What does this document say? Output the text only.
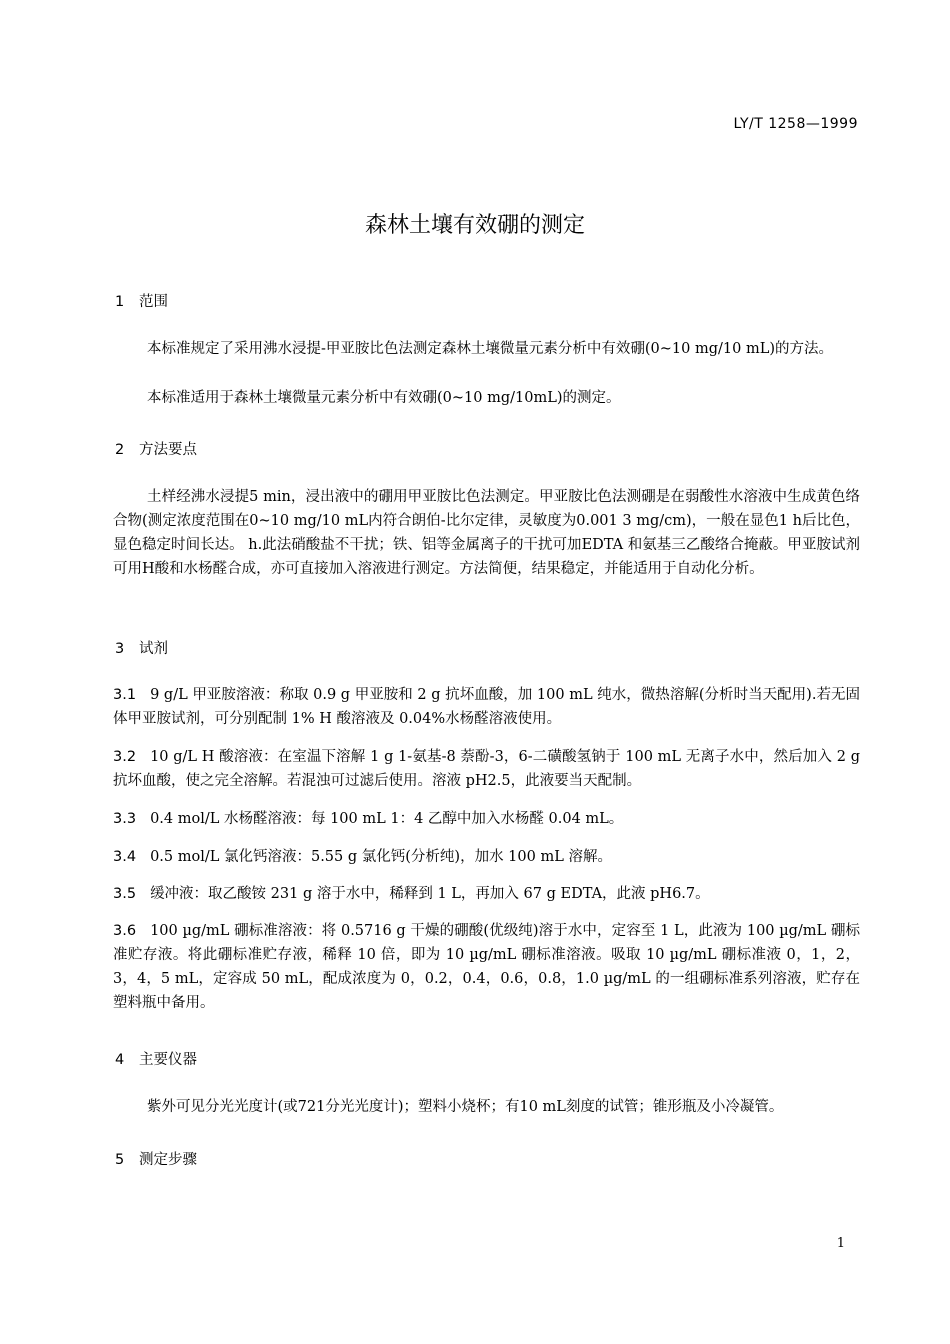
LY/T 1258—1999
森林土壤有效硼的测定
1 范围
本标准规定了采用沸水浸提-甲亚胺比色法测定森林土壤微量元素分析中有效硼(0~10 mg/10 mL)的方法。
本标准适用于森林土壤微量元素分析中有效硼(0~10 mg/10mL)的测定。
2 方法要点
土样经沸水浸提5 min，浸出液中的硼用甲亚胺比色法测定。甲亚胺比色法测硼是在弱酸性水溶液中生成黄色络合物(测定浓度范围在0~10 mg/10 mL内符合朗伯-比尔定律，灵敏度为0.001 3 mg/cm)，一般在显色1 h后比色，显色稳定时间长达。 h.此法硝酸盐不干扰；铁、铝等金属离子的干扰可加EDTA 和氨基三乙酸络合掩蔽。甲亚胺试剂可用H酸和水杨醛合成，亦可直接加入溶液进行测定。方法简便，结果稳定，并能适用于自动化分析。
3 试剂
3.1 9 g/L 甲亚胺溶液：称取 0.9 g 甲亚胺和 2 g 抗坏血酸，加 100 mL 纯水，微热溶解(分析时当天配用).若无固体甲亚胺试剂，可分别配制 1% H 酸溶液及 0.04%水杨醛溶液使用。
3.2 10 g/L H 酸溶液：在室温下溶解 1 g 1-氨基-8 萘酚-3，6-二磺酸氢钠于 100 mL 无离子水中，然后加入 2 g 抗坏血酸，使之完全溶解。若混浊可过滤后使用。溶液 pH2.5，此液要当天配制。
3.3 0.4 mol/L 水杨醛溶液：每 100 mL 1：4 乙醇中加入水杨醛 0.04 mL。
3.4 0.5 mol/L 氯化钙溶液：5.55 g 氯化钙(分析纯)，加水 100 mL 溶解。
3.5 缓冲液：取乙酸铵 231 g 溶于水中，稀释到 1 L，再加入 67 g EDTA，此液 pH6.7。
3.6 100 µg/mL 硼标准溶液：将 0.5716 g 干燥的硼酸(优级纯)溶于水中，定容至 1 L，此液为 100 µg/mL 硼标准贮存液。将此硼标准贮存液，稀释 10 倍，即为 10 µg/mL 硼标准溶液。吸取 10 µg/mL 硼标准液 0，1，2，3，4，5 mL，定容成 50 mL，配成浓度为 0，0.2，0.4，0.6，0.8，1.0 µg/mL 的一组硼标准系列溶液，贮存在塑料瓶中备用。
4 主要仪器
紫外可见分光光度计(或721分光光度计)；塑料小烧杯；有10 mL刻度的试管；锥形瓶及小冷凝管。
5 测定步骤
1
